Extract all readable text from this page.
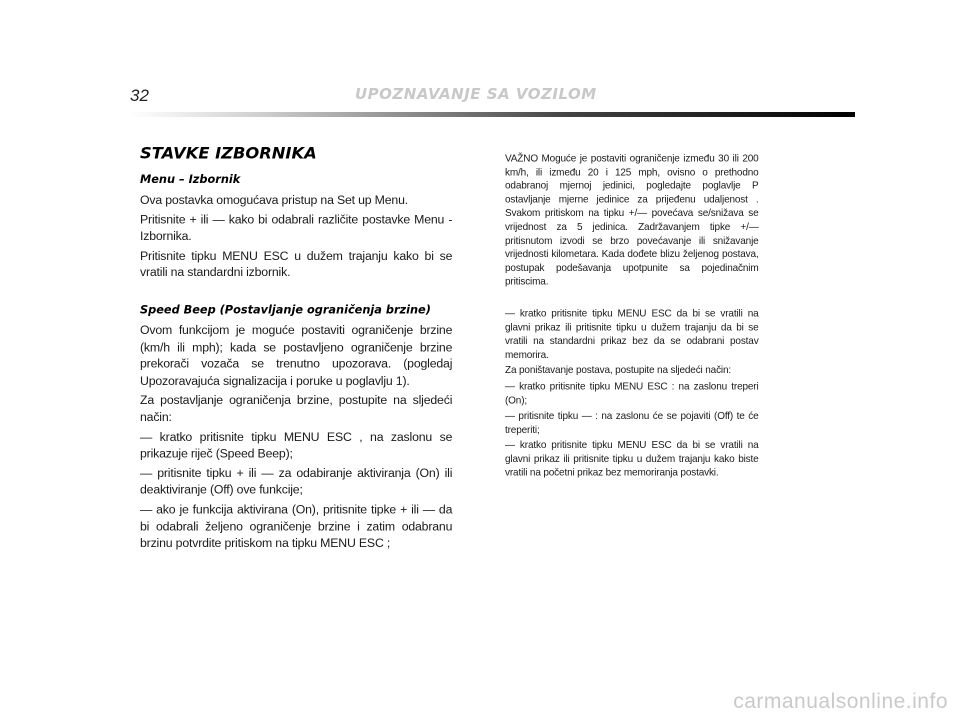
32	UPOZNAVANJE SA VOZILOM
STAVKE IZBORNIKA
Menu – Izbornik

Ova postavka omogućava pristup na Set up Menu.

Pritisnite + ili — kako bi odabrali različite postavke Menu - Izbornika.

Pritisnite tipku MENU ESC u dužem trajanju kako bi se vratili na standardni izbornik.

Speed Beep (Postavljanje ograničenja brzine)

Ovom funkcijom je moguće postaviti ograničenje brzine (km/h ili mph); kada se postavljeno ograničenje brzine prekorači vozača se trenutno upozorava. (pogledaj Upozoravajuća signalizacija i poruke u poglavlju 1).

Za postavljanje ograničenja brzine, postupite na sljedeći način:

— kratko pritisnite tipku MENU ESC , na zaslonu se prikazuje riječ (Speed Beep);

— pritisnite tipku + ili — za odabiranje aktiviranja (On) ili deaktiviranje (Off) ove funkcije;

— ako je funkcija aktivirana (On), pritisnite tipke + ili — da bi odabrali željeno ograničenje brzine i zatim odabranu brzinu potvrdite pritiskom na tipku MENU ESC ;

VAŽNO Moguće je postaviti ograničenje između 30 ili 200 km/h, ili između 20 i 125 mph, ovisno o prethodno odabranoj mjernoj jedinici, pogledajte poglavlje P ostavljanje mjerne jedinice za prijeđenu udaljenost . Svakom pritiskom na tipku +/— povećava se/snižava se vrijednost za 5 jedinica. Zadržavanjem tipke +/— pritisnutom izvodi se brzo povećavanje ili snižavanje vrijednosti kilometara. Kada dođete blizu željenog postava, postupak podešavanja upotpunite sa pojedinačnim pritiscima.

— kratko pritisnite tipku MENU ESC da bi se vratili na glavni prikaz ili pritisnite tipku u dužem trajanju da bi se vratili na standardni prikaz bez da se odabrani postav memorira.

Za poništavanje postava, postupite na sljedeći način:

— kratko pritisnite tipku MENU ESC : na zaslonu treperi (On);

— pritisnite tipku — : na zaslonu će se pojaviti (Off) te će treperiti;

— kratko pritisnite tipku MENU ESC da bi se vratili na glavni prikaz ili pritisnite tipku u dužem trajanju kako biste vratili na početni prikaz bez memoriranja postavki.

carmanualsonline.info
